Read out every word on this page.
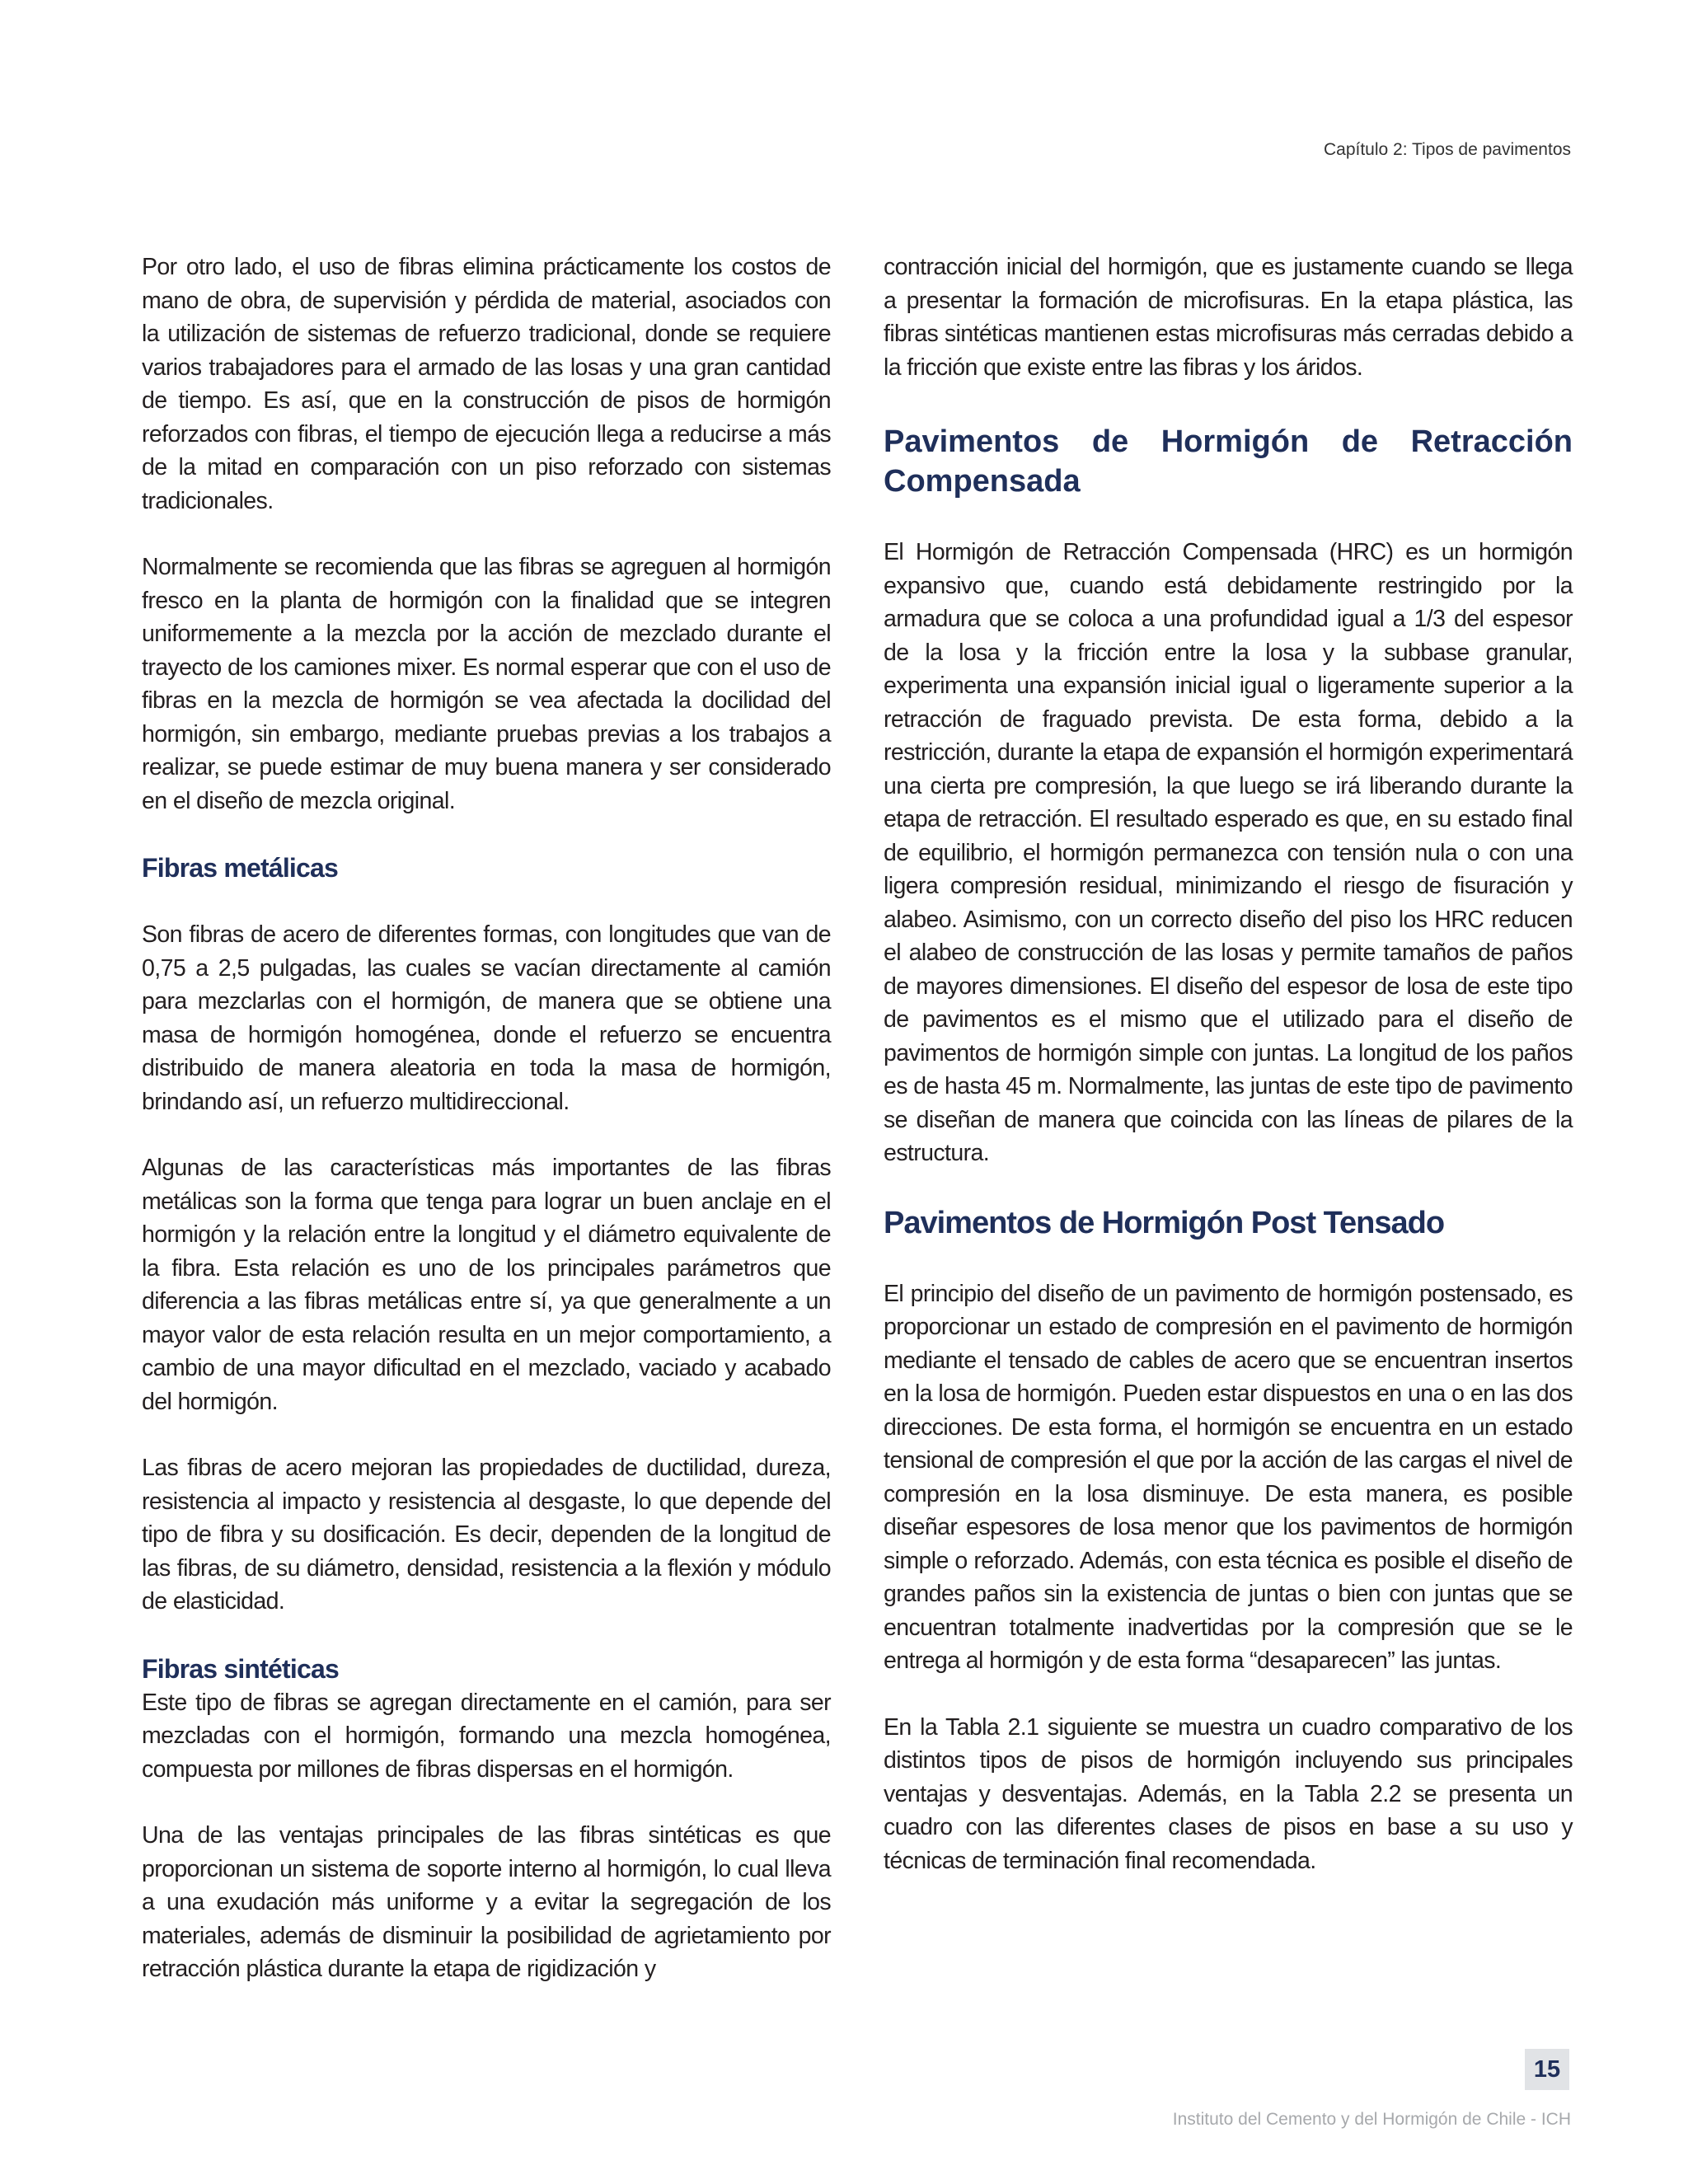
Capítulo 2: Tipos de pavimentos

Por otro lado, el uso de fibras elimina prácticamente los costos de mano de obra, de supervisión y pérdida de material, asociados con la utilización de sistemas de refuerzo tradicional, donde se requiere varios trabajadores para el armado de las losas y una gran cantidad de tiempo. Es así, que en la construcción de pisos de hormigón reforzados con fibras, el tiempo de ejecución llega a reducirse a más de la mitad en comparación con un piso reforzado con sistemas tradicionales.

Normalmente se recomienda que las fibras se agreguen al hormigón fresco en la planta de hormigón con la finalidad que se integren uniformemente a la mezcla por la acción de mezclado durante el trayecto de los camiones mixer. Es normal esperar que con el uso de fibras en la mezcla de hormigón se vea afectada la docilidad del hormigón, sin embargo, mediante pruebas previas a los trabajos a realizar, se puede estimar de muy buena manera y ser considerado en el diseño de mezcla original.

Fibras metálicas

Son fibras de acero de diferentes formas, con longitudes que van de 0,75 a 2,5 pulgadas, las cuales se vacían directamente al camión para mezclarlas con el hormigón, de manera que se obtiene una masa de hormigón homogénea, donde el refuerzo se encuentra distribuido de manera aleatoria en toda la masa de hormigón, brindando así, un refuerzo multidireccional.

Algunas de las características más importantes de las fibras metálicas son la forma que tenga para lograr un buen anclaje en el hormigón y la relación entre la longitud y el diámetro equivalente de la fibra. Esta relación es uno de los principales parámetros que diferencia a las fibras metálicas entre sí, ya que generalmente a un mayor valor de esta relación resulta en un mejor comportamiento, a cambio de una mayor dificultad en el mezclado, vaciado y acabado del hormigón.

Las fibras de acero mejoran las propiedades de ductilidad, dureza, resistencia al impacto y resistencia al desgaste, lo que depende del tipo de fibra y su dosificación. Es decir, dependen de la longitud de las fibras, de su diámetro, densidad, resistencia a la flexión y módulo de elasticidad.

Fibras sintéticas

Este tipo de fibras se agregan directamente en el camión, para ser mezcladas con el hormigón, formando una mezcla homogénea, compuesta por millones de fibras dispersas en el hormigón.

Una de las ventajas principales de las fibras sintéticas es que proporcionan un sistema de soporte interno al hormigón, lo cual lleva a una exudación más uniforme y a evitar la segregación de los materiales, además de disminuir la posibilidad de agrietamiento por retracción plástica durante la etapa de rigidización y

contracción inicial del hormigón, que es justamente cuando se llega a presentar la formación de microfisuras. En la etapa plástica, las fibras sintéticas mantienen estas microfisuras más cerradas debido a la fricción que existe entre las fibras y los áridos.

Pavimentos de Hormigón de Retracción Compensada

El Hormigón de Retracción Compensada (HRC) es un hormigón expansivo que, cuando está debidamente restringido por la armadura que se coloca a una profundidad igual a 1/3 del espesor de la losa y la fricción entre la losa y la subbase granular, experimenta una expansión inicial igual o ligeramente superior a la retracción de fraguado prevista. De esta forma, debido a la restricción, durante la etapa de expansión el hormigón experimentará una cierta pre compresión, la que luego se irá liberando durante la etapa de retracción. El resultado esperado es que, en su estado final de equilibrio, el hormigón permanezca con tensión nula o con una ligera compresión residual, minimizando el riesgo de fisuración y alabeo. Asimismo, con un correcto diseño del piso los HRC reducen el alabeo de construcción de las losas y permite tamaños de paños de mayores dimensiones. El diseño del espesor de losa de este tipo de pavimentos es el mismo que el utilizado para el diseño de pavimentos de hormigón simple con juntas. La longitud de los paños es de hasta 45 m. Normalmente, las juntas de este tipo de pavimento se diseñan de manera que coincida con las líneas de pilares de la estructura.

Pavimentos de Hormigón Post Tensado

El principio del diseño de un pavimento de hormigón postensado, es proporcionar un estado de compresión en el pavimento de hormigón mediante el tensado de cables de acero que se encuentran insertos en la losa de hormigón. Pueden estar dispuestos en una o en las dos direcciones. De esta forma, el hormigón se encuentra en un estado tensional de compresión el que por la acción de las cargas el nivel de compresión en la losa disminuye. De esta manera, es posible diseñar espesores de losa menor que los pavimentos de hormigón simple o reforzado. Además, con esta técnica es posible el diseño de grandes paños sin la existencia de juntas o bien con juntas que se encuentran totalmente inadvertidas por la compresión que se le entrega al hormigón y de esta forma “desaparecen” las juntas.

En la Tabla 2.1 siguiente se muestra un cuadro comparativo de los distintos tipos de pisos de hormigón incluyendo sus principales ventajas y desventajas. Además, en la Tabla 2.2 se presenta un cuadro con las diferentes clases de pisos en base a su uso y técnicas de terminación final recomendada.

15
Instituto del Cemento y del Hormigón de Chile - ICH
